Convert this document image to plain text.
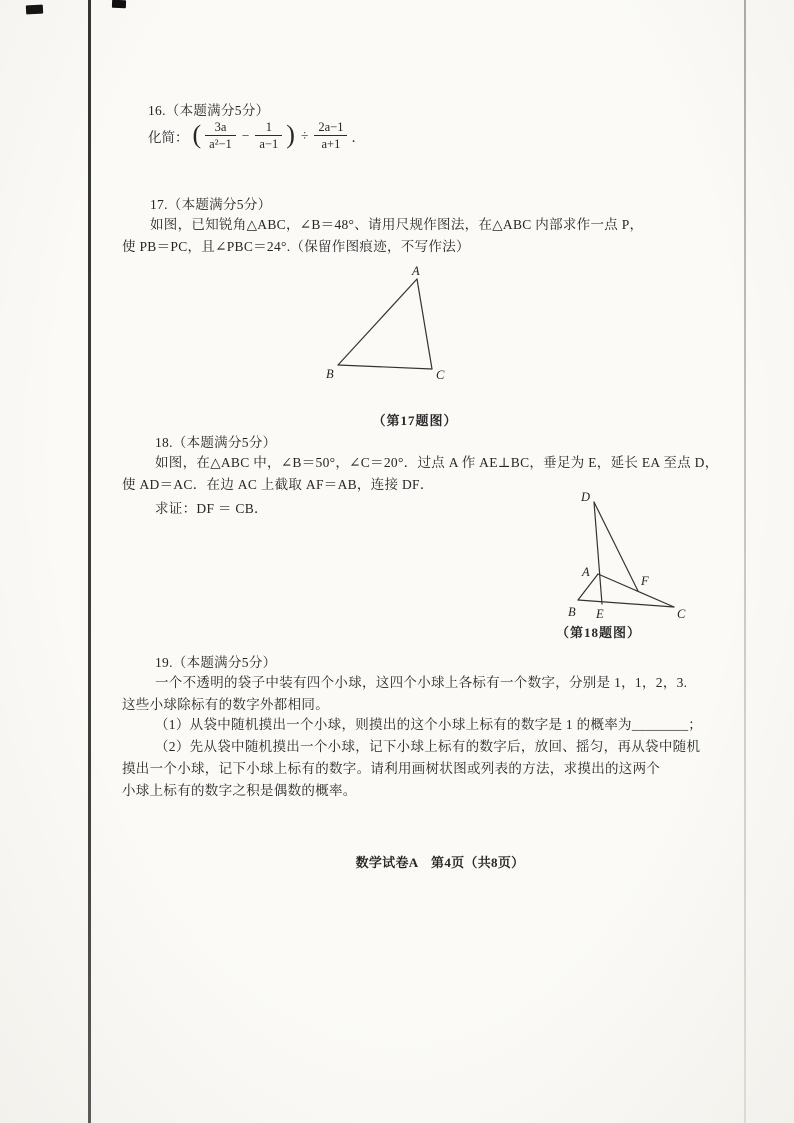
16.（本题满分5分）
化简： ( $\frac{3a}{\text{a²−1}} - \frac{1}{a-1}$ ) ÷ $\frac{2a-1}{a+1}$ ．
17.（本题满分5分）
如图，已知锐角△ABC，∠B＝48°、请用尺规作图法，在△ABC 内部求作一点 P，
使 PB＝PC，且∠PBC＝24°.（保留作图痕迹，不写作法）
A
B	C
（第17题图）
18.（本题满分5分）
如图，在△ABC 中，∠B＝50°，∠C＝20°．过点 A 作 AE⊥BC，垂足为 E，延长 EA 至点 D，
使 AD＝AC．在边 AC 上截取 AF＝AB，连接 DF．
求证：DF ＝ CB．
D
A
F
B E	C
（第18题图）
19.（本题满分5分）
一个不透明的袋子中装有四个小球，这四个小球上各标有一个数字，分别是 1，1，2，3.
这些小球除标有的数字外都相同。
（1）从袋中随机摸出一个小球，则摸出的这个小球上标有的数字是 1 的概率为________；
（2）先从袋中随机摸出一个小球，记下小球上标有的数字后，放回、摇匀，再从袋中随机
摸出一个小球，记下小球上标有的数字。请利用画树状图或列表的方法，求摸出的这两个
小球上标有的数字之积是偶数的概率。
数学试卷A　第4页（共8页）
